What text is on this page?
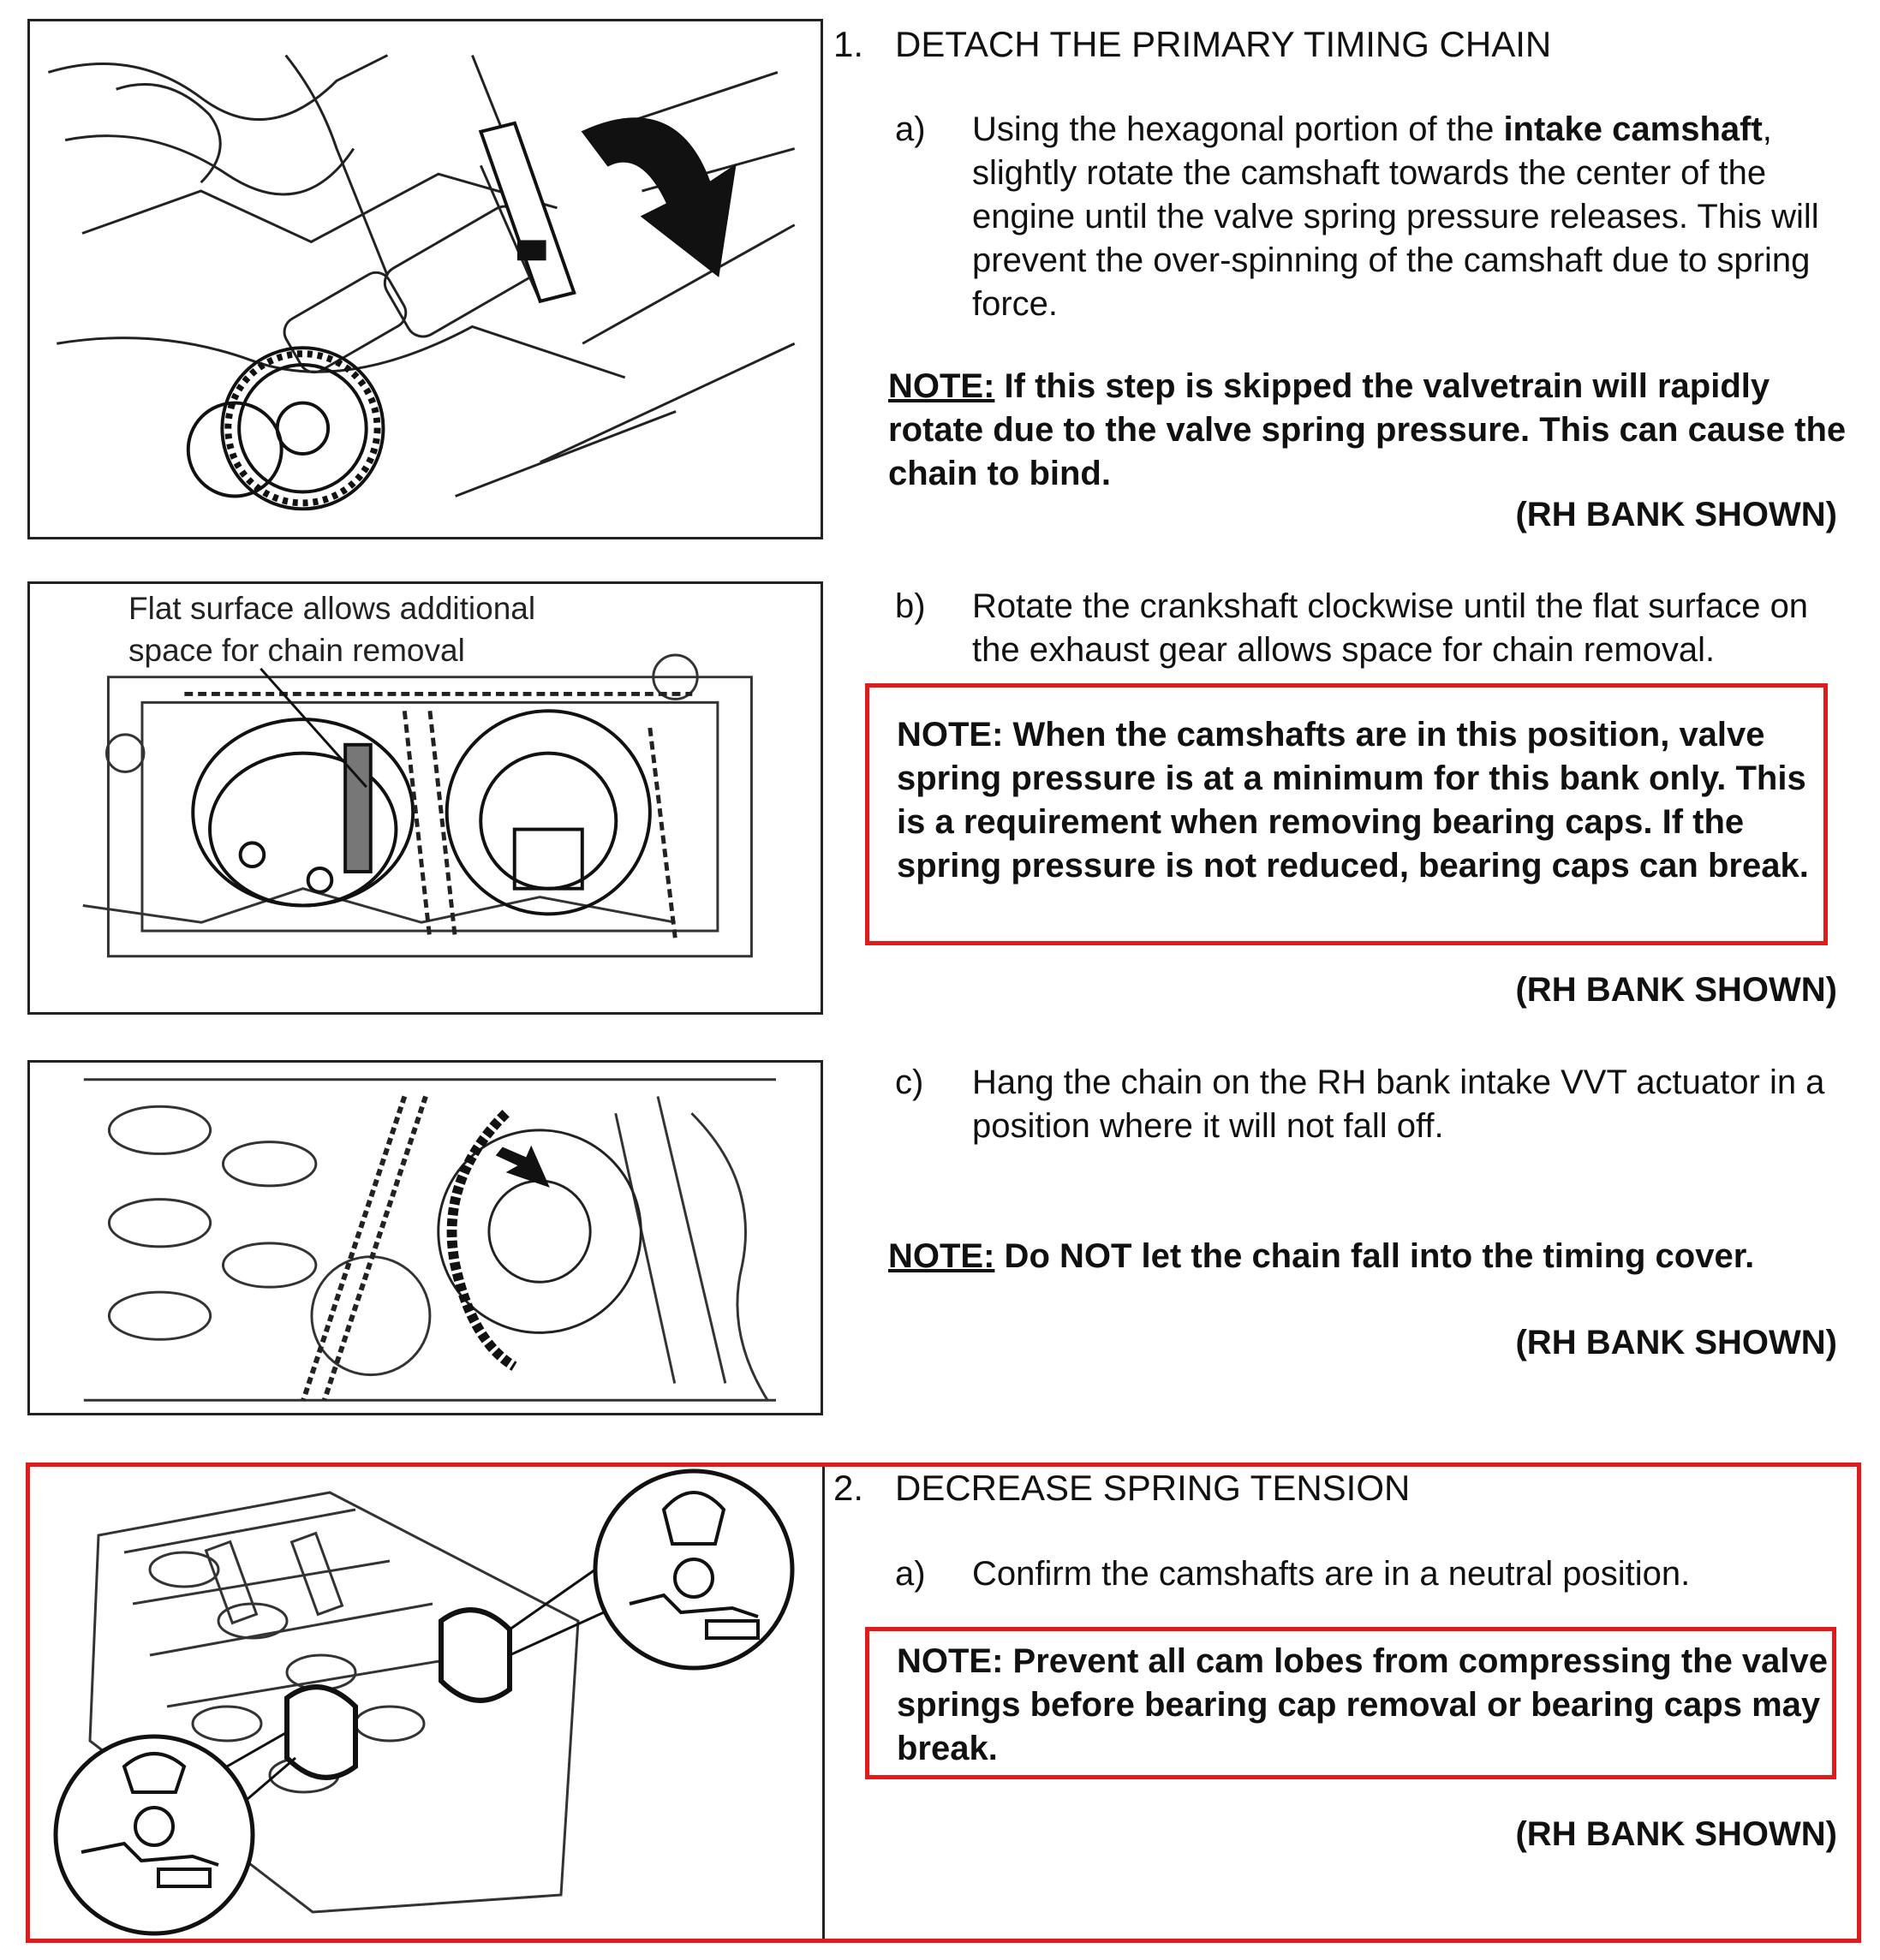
1. DETACH THE PRIMARY TIMING CHAIN
a) Using the hexagonal portion of the intake camshaft, slightly rotate the camshaft towards the center of the engine until the valve spring pressure releases. This will prevent the over-spinning of the camshaft due to spring force.
NOTE: If this step is skipped the valvetrain will rapidly rotate due to the valve spring pressure. This can cause the chain to bind.
(RH BANK SHOWN)
Flat surface allows additional space for chain removal
b) Rotate the crankshaft clockwise until the flat surface on the exhaust gear allows space for chain removal.
NOTE: When the camshafts are in this position, valve spring pressure is at a minimum for this bank only. This is a requirement when removing bearing caps. If the spring pressure is not reduced, bearing caps can break.
(RH BANK SHOWN)
c) Hang the chain on the RH bank intake VVT actuator in a position where it will not fall off.
NOTE: Do NOT let the chain fall into the timing cover.
(RH BANK SHOWN)
2. DECREASE SPRING TENSION
a) Confirm the camshafts are in a neutral position.
NOTE: Prevent all cam lobes from compressing the valve springs before bearing cap removal or bearing caps may break.
(RH BANK SHOWN)
